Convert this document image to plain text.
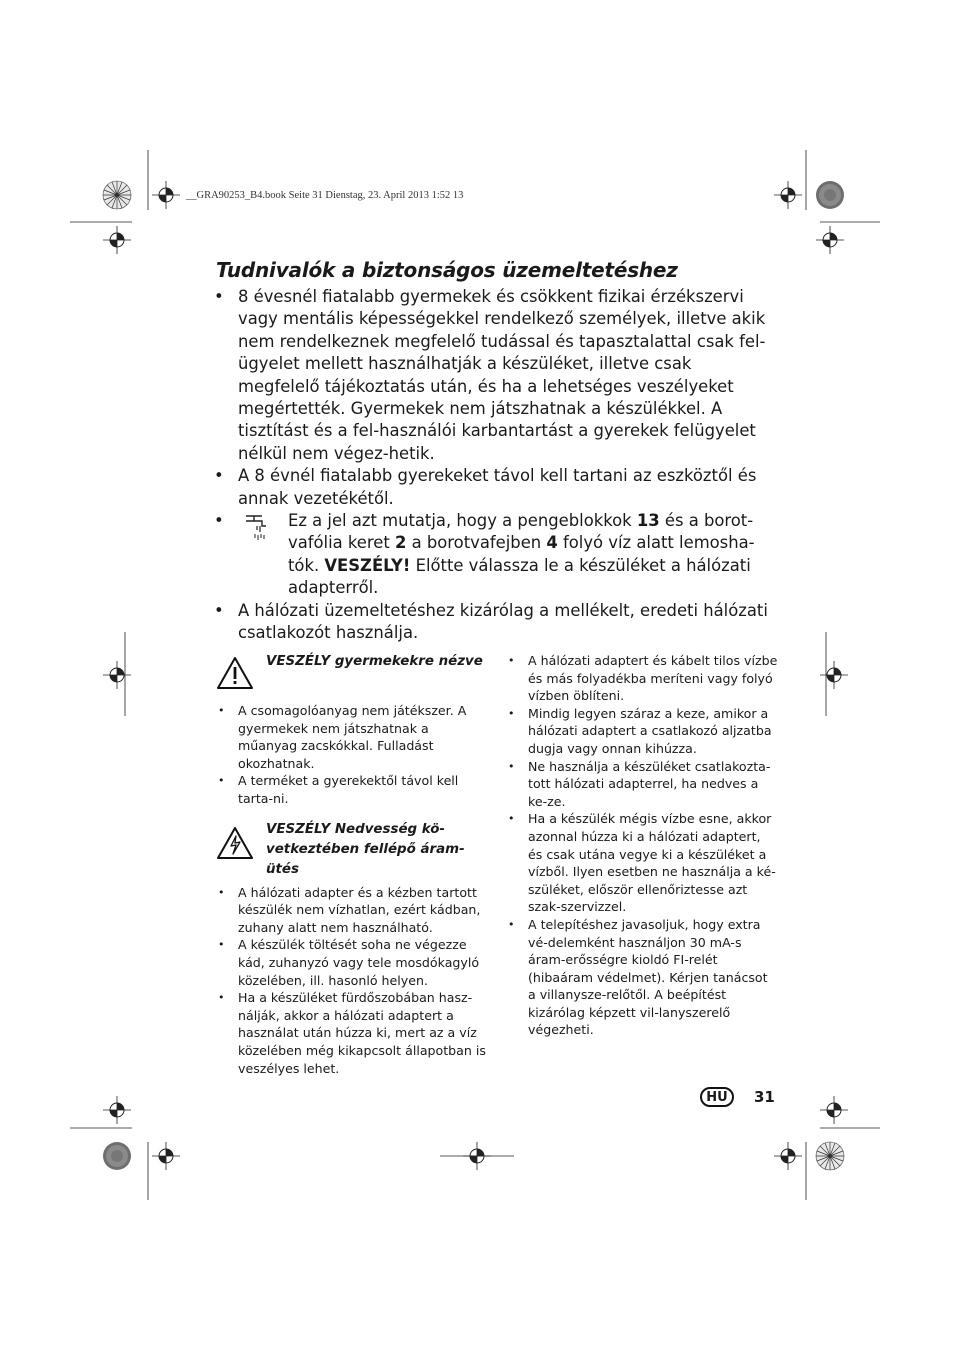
__GRA90253_B4.book Seite 31 Dienstag, 23. April 2013 1:52 13
Tudnivalók a biztonságos üzemeltetéshez
• 8 évesnél fiatalabb gyermekek és csökkent fizikai érzékszervi vagy mentális képességekkel rendelkező személyek, illetve akik nem rendelkeznek megfelelő tudással és tapasztalattal csak fel-ügyelet mellett használhatják a készüléket, illetve csak megfelelő tájékoztatás után, és ha a lehetséges veszélyeket megértették. Gyermekek nem játszhatnak a készülékkel. A tisztítást és a fel-használói karbantartást a gyerekek felügyelet nélkül nem végez-hetik.
• A 8 évnél fiatalabb gyerekeket távol kell tartani az eszköztől és annak vezetékétől.
•	Ez a jel azt mutatja, hogy a pengeblokkok 13 és a borot-vafólia keret 2 a borotvafejben 4 folyó víz alatt lemosha-tók. VESZÉLY! Előtte válassza le a készüléket a hálózati adapterről.
• A hálózati üzemeltetéshez kizárólag a mellékelt, eredeti hálózati csatlakozót használja.
VESZÉLY gyermekekre nézve
• A csomagolóanyag nem játékszer. A gyermekek nem játszhatnak a műanyag zacskókkal. Fulladást okozhatnak.
• A terméket a gyerekektől távol kell tarta-ni.
VESZÉLY Nedvesség kö-vetkeztében fellépő áram-ütés
• A hálózati adapter és a kézben tartott készülék nem vízhatlan, ezért kádban, zuhany alatt nem használható.
• A készülék töltését soha ne végezze kád, zuhanyzó vagy tele mosdókagyló közelében, ill. hasonló helyen.
• Ha a készüléket fürdőszobában hasz-nálják, akkor a hálózati adaptert a használat után húzza ki, mert az a víz közelében még kikapcsolt állapotban is veszélyes lehet.
• A hálózati adaptert és kábelt tilos vízbe és más folyadékba meríteni vagy folyó vízben öblíteni.
• Mindig legyen száraz a keze, amikor a hálózati adaptert a csatlakozó aljzatba dugja vagy onnan kihúzza.
• Ne használja a készüléket csatlakozta-tott hálózati adapterrel, ha nedves a ke-ze.
• Ha a készülék mégis vízbe esne, akkor azonnal húzza ki a hálózati adaptert, és csak utána vegye ki a készüléket a vízből. Ilyen esetben ne használja a ké-szüléket, először ellenőriztesse azt szak-szervizzel.
• A telepítéshez javasoljuk, hogy extra vé-delemként használjon 30 mA-s áram-erősségre kioldó FI-relét (hibaáram védelmet). Kérjen tanácsot a villanysze-relőtől. A beépítést kizárólag képzett vil-lanyszerelő végezheti.
HU	31
